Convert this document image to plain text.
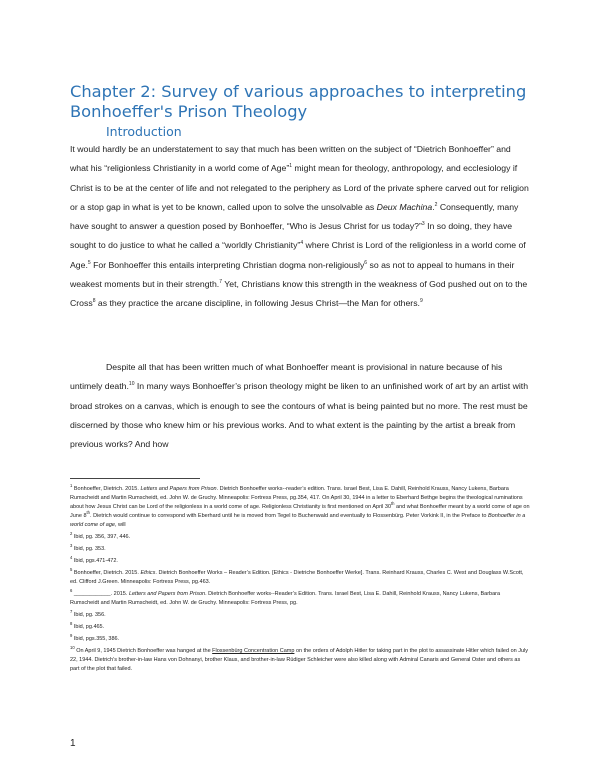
Chapter 2: Survey of various approaches to interpreting Bonhoeffer's Prison Theology
Introduction

It would hardly be an understatement to say that much has been written on the subject of “Dietrich Bonhoeffer” and what his “religionless Christianity in a world come of Age”$^1$ might mean for theology, anthropology, and ecclesiology if Christ is to be at the center of life and not relegated to the periphery as Lord of the private sphere carved out for religion or a stop gap in what is yet to be known, called upon to solve the unsolvable as Deux Machina.$^2$ Consequently, many have sought to answer a question posed by Bonhoeffer, “Who is Jesus Christ for us today?”$^3$ In so doing, they have sought to do justice to what he called a “worldly Christianity”$^4$ where Christ is Lord of the religionless in a world come of Age.$^5$ For Bonhoeffer this entails interpreting Christian dogma non-religiously$^6$ so as not to appeal to humans in their weakest moments but in their strength.$^7$ Yet, Christians know this strength in the weakness of God pushed out on to the Cross$^8$ as they practice the arcane discipline, in following Jesus Christ—the Man for others.$^9$

Despite all that has been written much of what Bonhoeffer meant is provisional in nature because of his untimely death.$^{10}$ In many ways Bonhoeffer’s prison theology might be liken to an unfinished work of art by an artist with broad strokes on a canvas, which is enough to see the contours of what is being painted but no more. The rest must be discerned by those who knew him or his previous works. And to what extent is the painting by the artist a break from previous works? And how

$^1$ Bonhoeffer, Dietrich. 2015. Letters and Papers from Prison. Dietrich Bonhoeffer works--reader’s edition. Trans. Israel Best, Lisa E. Dahill, Reinhold Krauss, Nancy Lukens, Barbara Rumscheidt and Martin Rumscheidt, ed. John W. de Gruchy. Minneapolis: Fortress Press, pg.354, 417. On April 30, 1944 in a letter to Eberhard Bethge begins the theological ruminations about how Jesus Christ can be Lord of the religionless in a world come of age. Religionless Christianity is first mentioned on April 30th and what Bonhoeffer meant by a world come of age on June 8th. Dietrich would continue to correspond with Eberhard until he is moved from Tegel to Buchenwald and eventually to Flossenbürg. Peter Vorkink II, in the Preface to Bonhoeffer in a world come of age, will

$^2$ Ibid, pg. 356, 397, 446.

$^3$ Ibid, pg. 353.

$^4$ Ibid, pgs.471-472.

$^5$ Bonhoeffer, Dietrich. 2015. Ethics. Dietrich Bonhoeffer Works – Reader’s Edition. [Ethics - Dietriche Bonhoeffer Werke]. Trans. Reinhard Krauss, Charles C. West and Douglass W.Scott, ed. Clifford J.Green. Minneapolis: Fortress Press, pg.463.

$^6$ ____________. 2015. Letters and Papers from Prison. Dietrich Bonhoeffer works--Reader’s Edition. Trans. Israel Best, Lisa E. Dahill, Reinhold Krauss, Nancy Lukens, Barbara Rumscheidt and Martin Rumscheidt, ed. John W. de Gruchy. Minneapolis: Fortress Press, pg.

$^7$ Ibid, pg. 356.

$^8$ Ibid, pg.465.

$^9$ Ibid, pgs.355, 386.

$^{10}$ On April 9, 1945 Dietrich Bonhoeffer was hanged at the Flossenbürg Concentration Camp on the orders of Adolph Hitler for taking part in the plot to assassinate Hitler which failed on July 22, 1944. Dietrich’s brother-in-law Hans von Dohnanyi, brother Klaus, and brother-in-law Rüdiger Schleicher were also killed along with Admiral Canaris and General Oster and others as part of the plot that failed.

1
